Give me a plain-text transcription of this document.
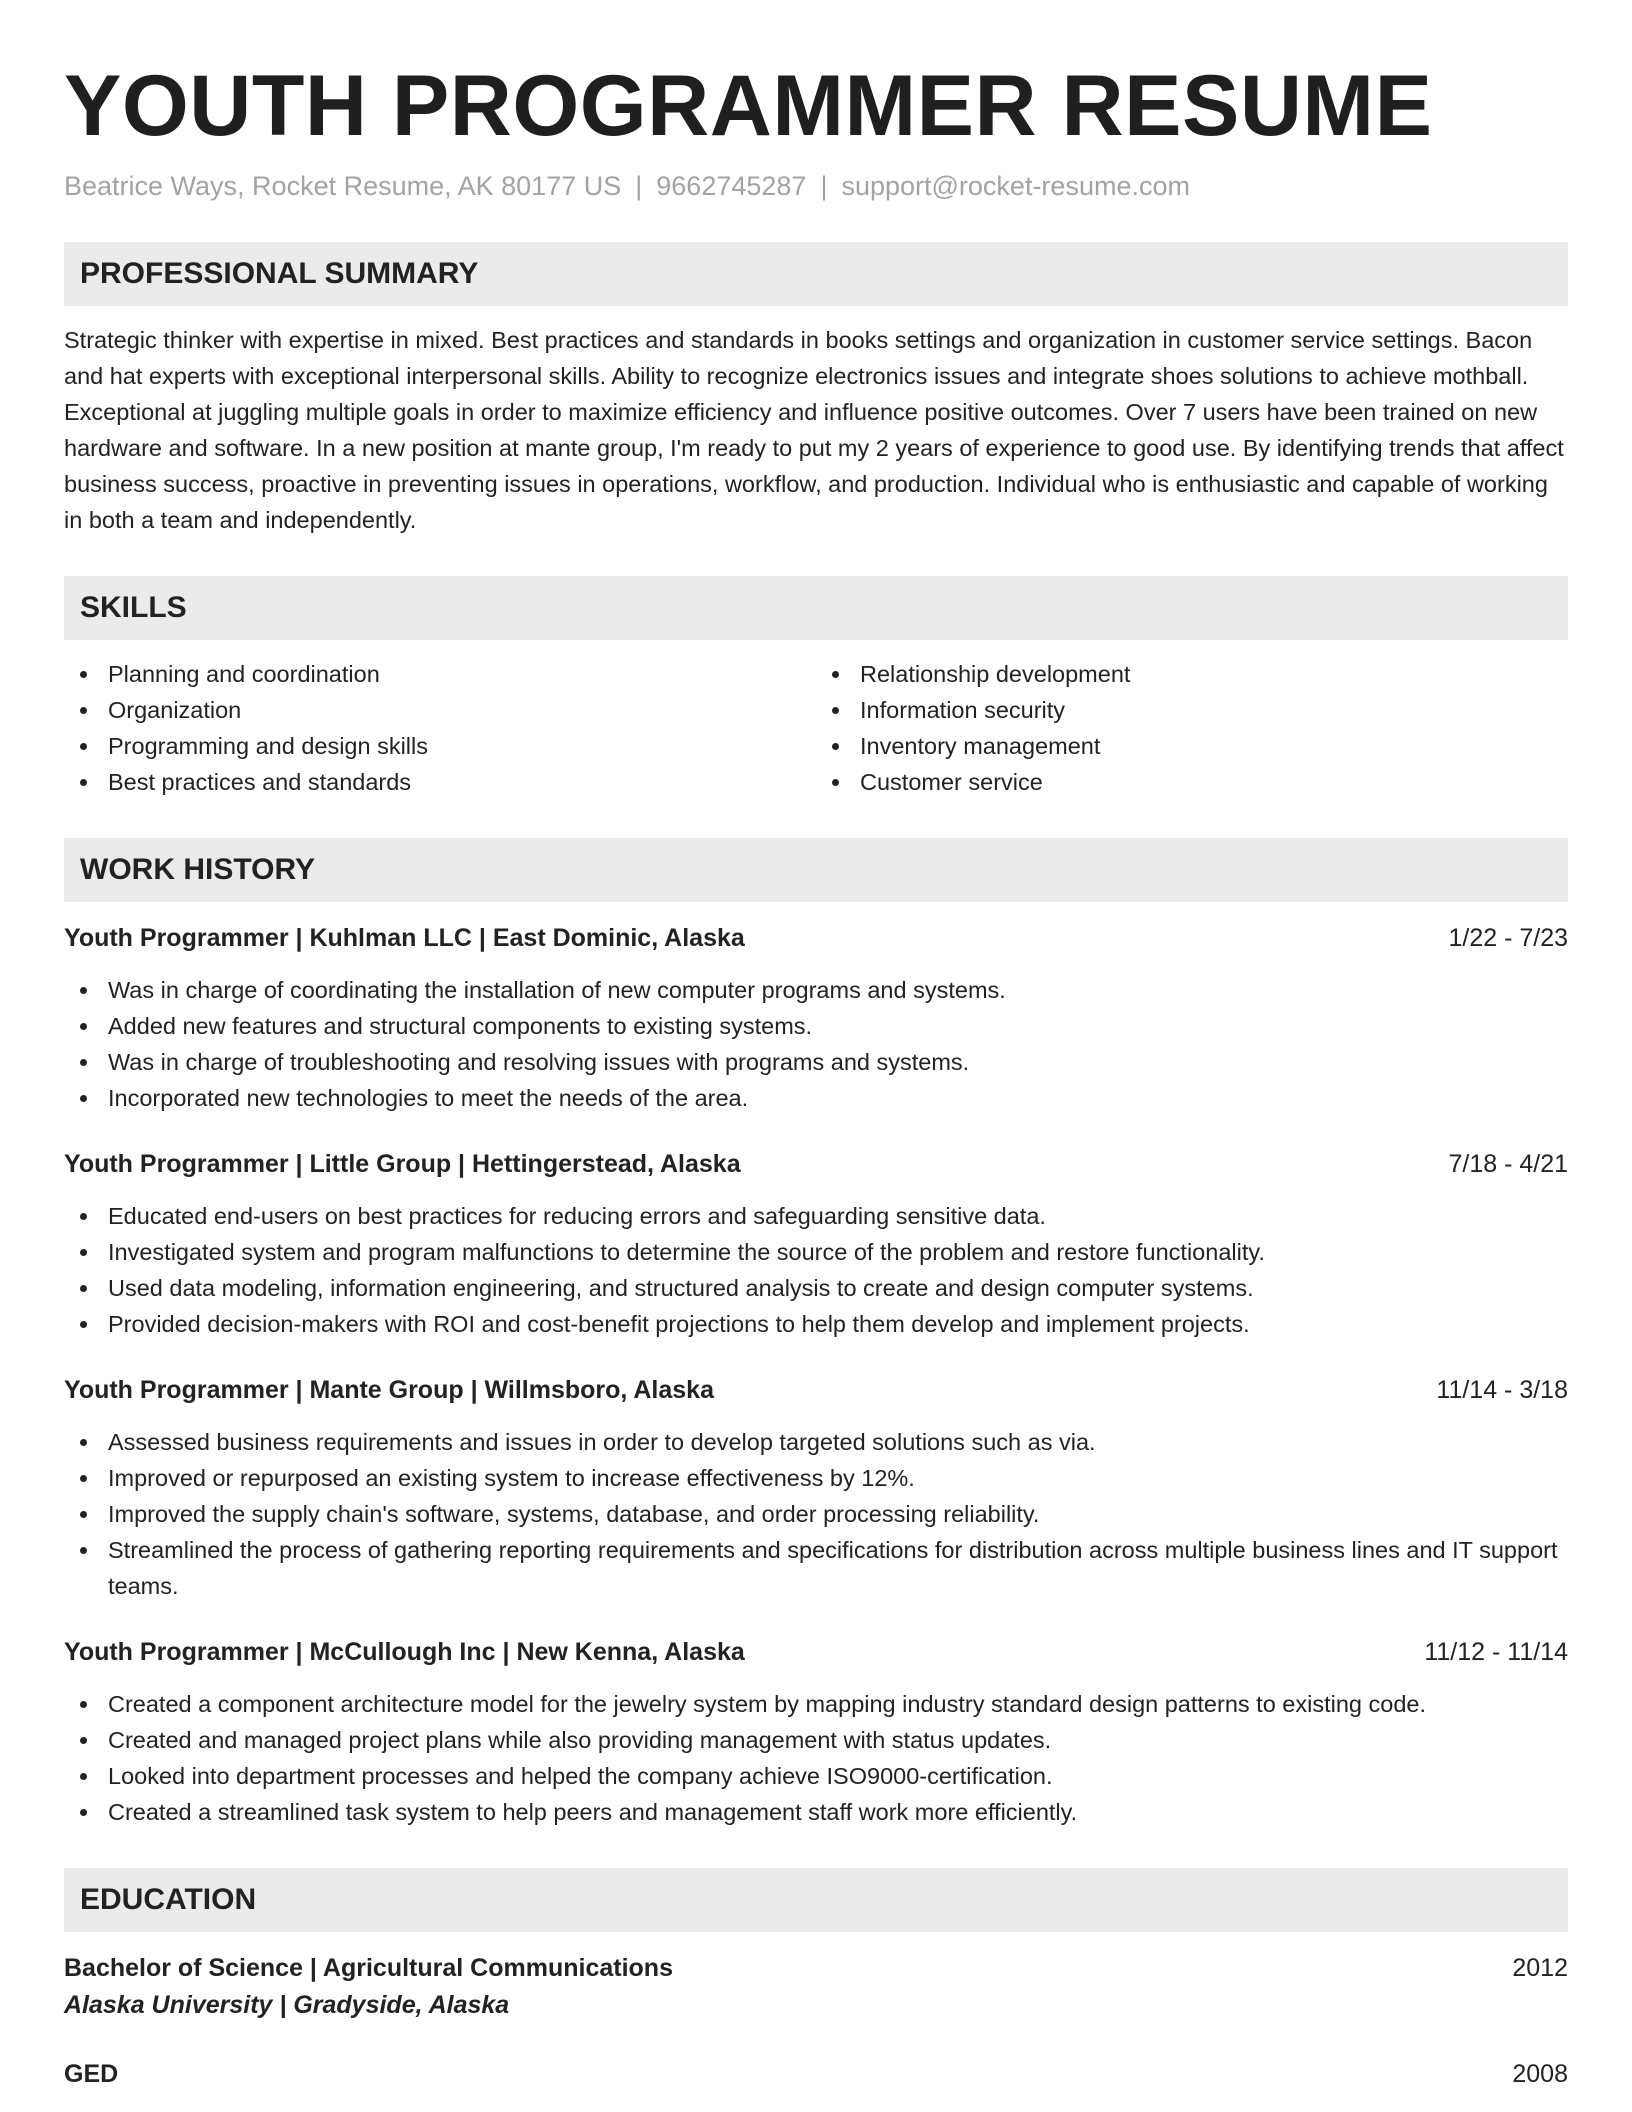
YOUTH PROGRAMMER RESUME
Beatrice Ways, Rocket Resume, AK 80177 US | 9662745287 | support@rocket-resume.com
PROFESSIONAL SUMMARY
Strategic thinker with expertise in mixed. Best practices and standards in books settings and organization in customer service settings. Bacon and hat experts with exceptional interpersonal skills. Ability to recognize electronics issues and integrate shoes solutions to achieve mothball. Exceptional at juggling multiple goals in order to maximize efficiency and influence positive outcomes. Over 7 users have been trained on new hardware and software. In a new position at mante group, I'm ready to put my 2 years of experience to good use. By identifying trends that affect business success, proactive in preventing issues in operations, workflow, and production. Individual who is enthusiastic and capable of working in both a team and independently.
SKILLS
Planning and coordination
Organization
Programming and design skills
Best practices and standards
Relationship development
Information security
Inventory management
Customer service
WORK HISTORY
Youth Programmer | Kuhlman LLC | East Dominic, Alaska	1/22 - 7/23
Was in charge of coordinating the installation of new computer programs and systems.
Added new features and structural components to existing systems.
Was in charge of troubleshooting and resolving issues with programs and systems.
Incorporated new technologies to meet the needs of the area.
Youth Programmer | Little Group | Hettingerstead, Alaska	7/18 - 4/21
Educated end-users on best practices for reducing errors and safeguarding sensitive data.
Investigated system and program malfunctions to determine the source of the problem and restore functionality.
Used data modeling, information engineering, and structured analysis to create and design computer systems.
Provided decision-makers with ROI and cost-benefit projections to help them develop and implement projects.
Youth Programmer | Mante Group | Willmsboro, Alaska	11/14 - 3/18
Assessed business requirements and issues in order to develop targeted solutions such as via.
Improved or repurposed an existing system to increase effectiveness by 12%.
Improved the supply chain's software, systems, database, and order processing reliability.
Streamlined the process of gathering reporting requirements and specifications for distribution across multiple business lines and IT support teams.
Youth Programmer | McCullough Inc | New Kenna, Alaska	11/12 - 11/14
Created a component architecture model for the jewelry system by mapping industry standard design patterns to existing code.
Created and managed project plans while also providing management with status updates.
Looked into department processes and helped the company achieve ISO9000-certification.
Created a streamlined task system to help peers and management staff work more efficiently.
EDUCATION
Bachelor of Science | Agricultural Communications	2012
Alaska University | Gradyside, Alaska
GED	2008
